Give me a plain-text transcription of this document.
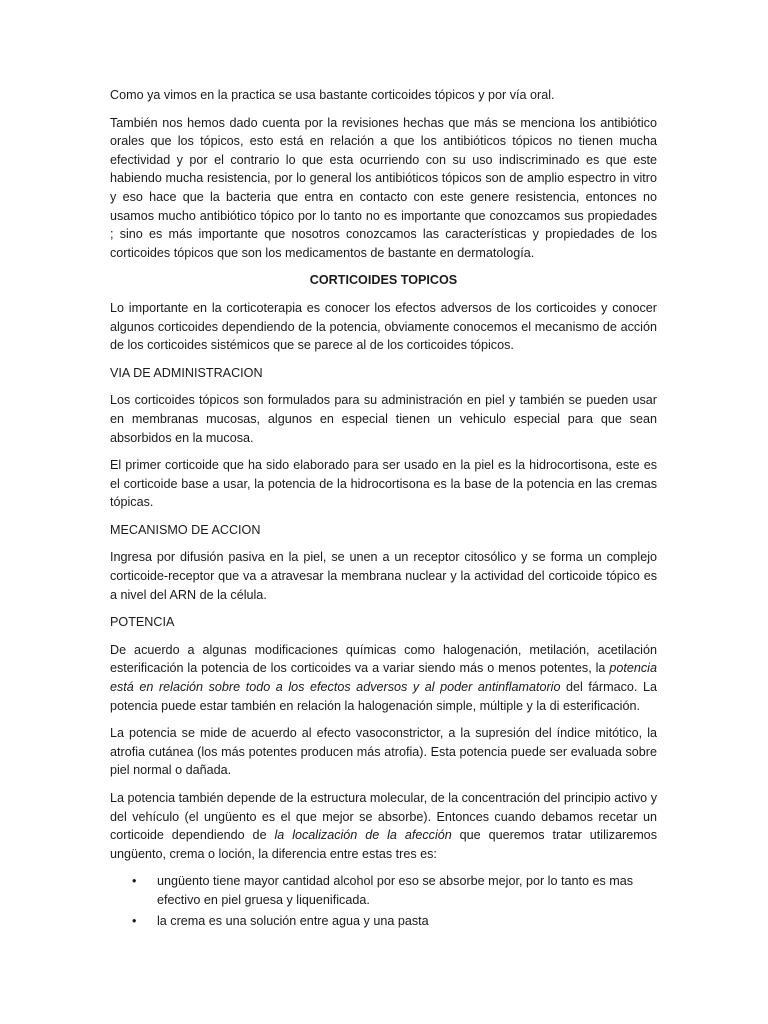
Como ya vimos en la practica se usa bastante corticoides tópicos y por vía oral.

También nos hemos dado cuenta por la revisiones hechas que más se menciona los antibiótico orales que los tópicos, esto está en relación a que los antibióticos tópicos no tienen mucha efectividad y por el contrario lo que esta ocurriendo con su uso indiscriminado es que este habiendo mucha resistencia, por lo general los antibióticos tópicos son de amplio espectro in vitro y eso hace que la bacteria que entra en contacto con este genere resistencia, entonces no usamos mucho antibiótico tópico por lo tanto no es importante que conozcamos sus propiedades ; sino es más importante que nosotros conozcamos las características y propiedades de los corticoides tópicos que son los medicamentos de bastante en dermatología.

CORTICOIDES TOPICOS

Lo importante en la corticoterapia es conocer los efectos adversos de los corticoides y conocer algunos corticoides dependiendo de la potencia, obviamente conocemos el mecanismo de acción de los corticoides sistémicos que se parece al de los corticoides tópicos.

VIA DE ADMINISTRACION

Los corticoides tópicos son formulados para su administración en piel y también se pueden usar en membranas mucosas, algunos en especial tienen un vehiculo especial para que sean absorbidos en la mucosa.

El primer corticoide que ha sido elaborado para ser usado en la piel es la hidrocortisona, este es el corticoide base a usar, la potencia de la hidrocortisona es la base de la potencia en las cremas tópicas.

MECANISMO DE ACCION

Ingresa por difusión pasiva en la piel, se unen a un receptor citosólico y se forma un complejo corticoide-receptor que va a atravesar la membrana nuclear y la actividad del corticoide tópico es a nivel del ARN de la célula.

POTENCIA

De acuerdo a algunas modificaciones químicas como halogenación, metilación, acetilación esterificación la potencia de los corticoides va a variar siendo más o menos potentes, la potencia está en relación sobre todo a los efectos adversos y al poder antinflamatorio del fármaco. La potencia puede estar también en relación la halogenación simple, múltiple y la di esterificación.

La potencia se mide de acuerdo al efecto vasoconstrictor, a la supresión del índice mitótico, la atrofia cutánea (los más potentes producen más atrofia). Esta potencia puede ser evaluada sobre piel normal o dañada.

La potencia también depende de la estructura molecular, de la concentración del principio activo y del vehículo (el ungüento es el que mejor se absorbe). Entonces cuando debamos recetar un corticoide dependiendo de la localización de la afección que queremos tratar utilizaremos ungüento, crema o loción, la diferencia entre estas tres es:

• ungüento tiene mayor cantidad alcohol por eso se absorbe mejor, por lo tanto es mas efectivo en piel gruesa y liquenificada.
• la crema es una solución entre agua y una pasta
